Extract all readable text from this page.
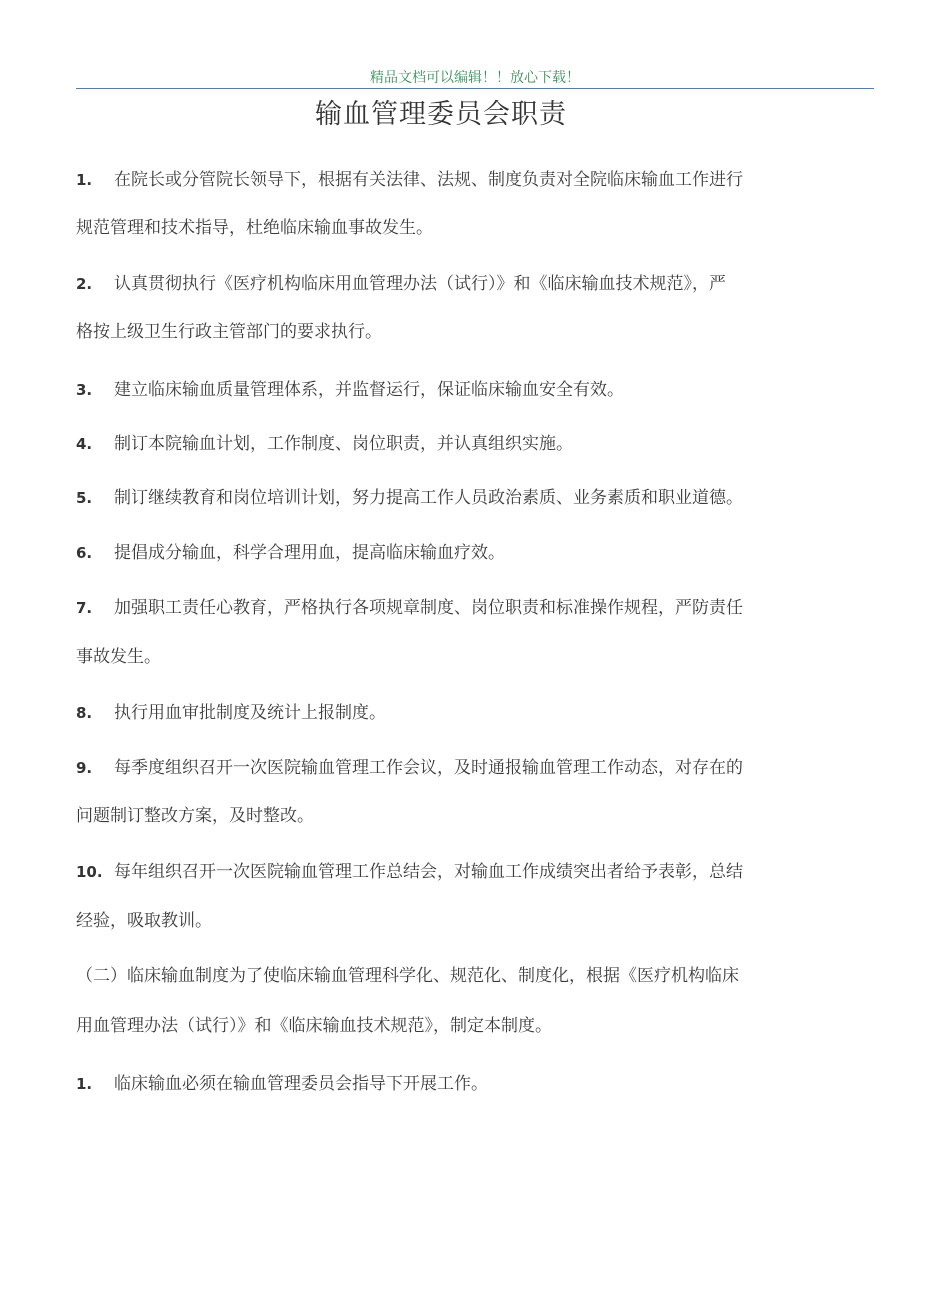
精品文档可以编辑！！放心下载！
输血管理委员会职责
1. 在院长或分管院长领导下，根据有关法律、法规、制度负责对全院临床输血工作进行
规范管理和技术指导，杜绝临床输血事故发生。
2. 认真贯彻执行《医疗机构临床用血管理办法（试行）》和《临床输血技术规范》，严
格按上级卫生行政主管部门的要求执行。
3. 建立临床输血质量管理体系，并监督运行，保证临床输血安全有效。
4. 制订本院输血计划，工作制度、岗位职责，并认真组织实施。
5. 制订继续教育和岗位培训计划，努力提高工作人员政治素质、业务素质和职业道德。
6. 提倡成分输血，科学合理用血，提高临床输血疗效。
7. 加强职工责任心教育，严格执行各项规章制度、岗位职责和标准操作规程，严防责任
事故发生。
8. 执行用血审批制度及统计上报制度。
9. 每季度组织召开一次医院输血管理工作会议，及时通报输血管理工作动态，对存在的
问题制订整改方案，及时整改。
10. 每年组织召开一次医院输血管理工作总结会，对输血工作成绩突出者给予表彰，总结
经验，吸取教训。
（二）临床输血制度为了使临床输血管理科学化、规范化、制度化，根据《医疗机构临床
用血管理办法（试行）》和《临床输血技术规范》，制定本制度。
1. 临床输血必须在输血管理委员会指导下开展工作。
